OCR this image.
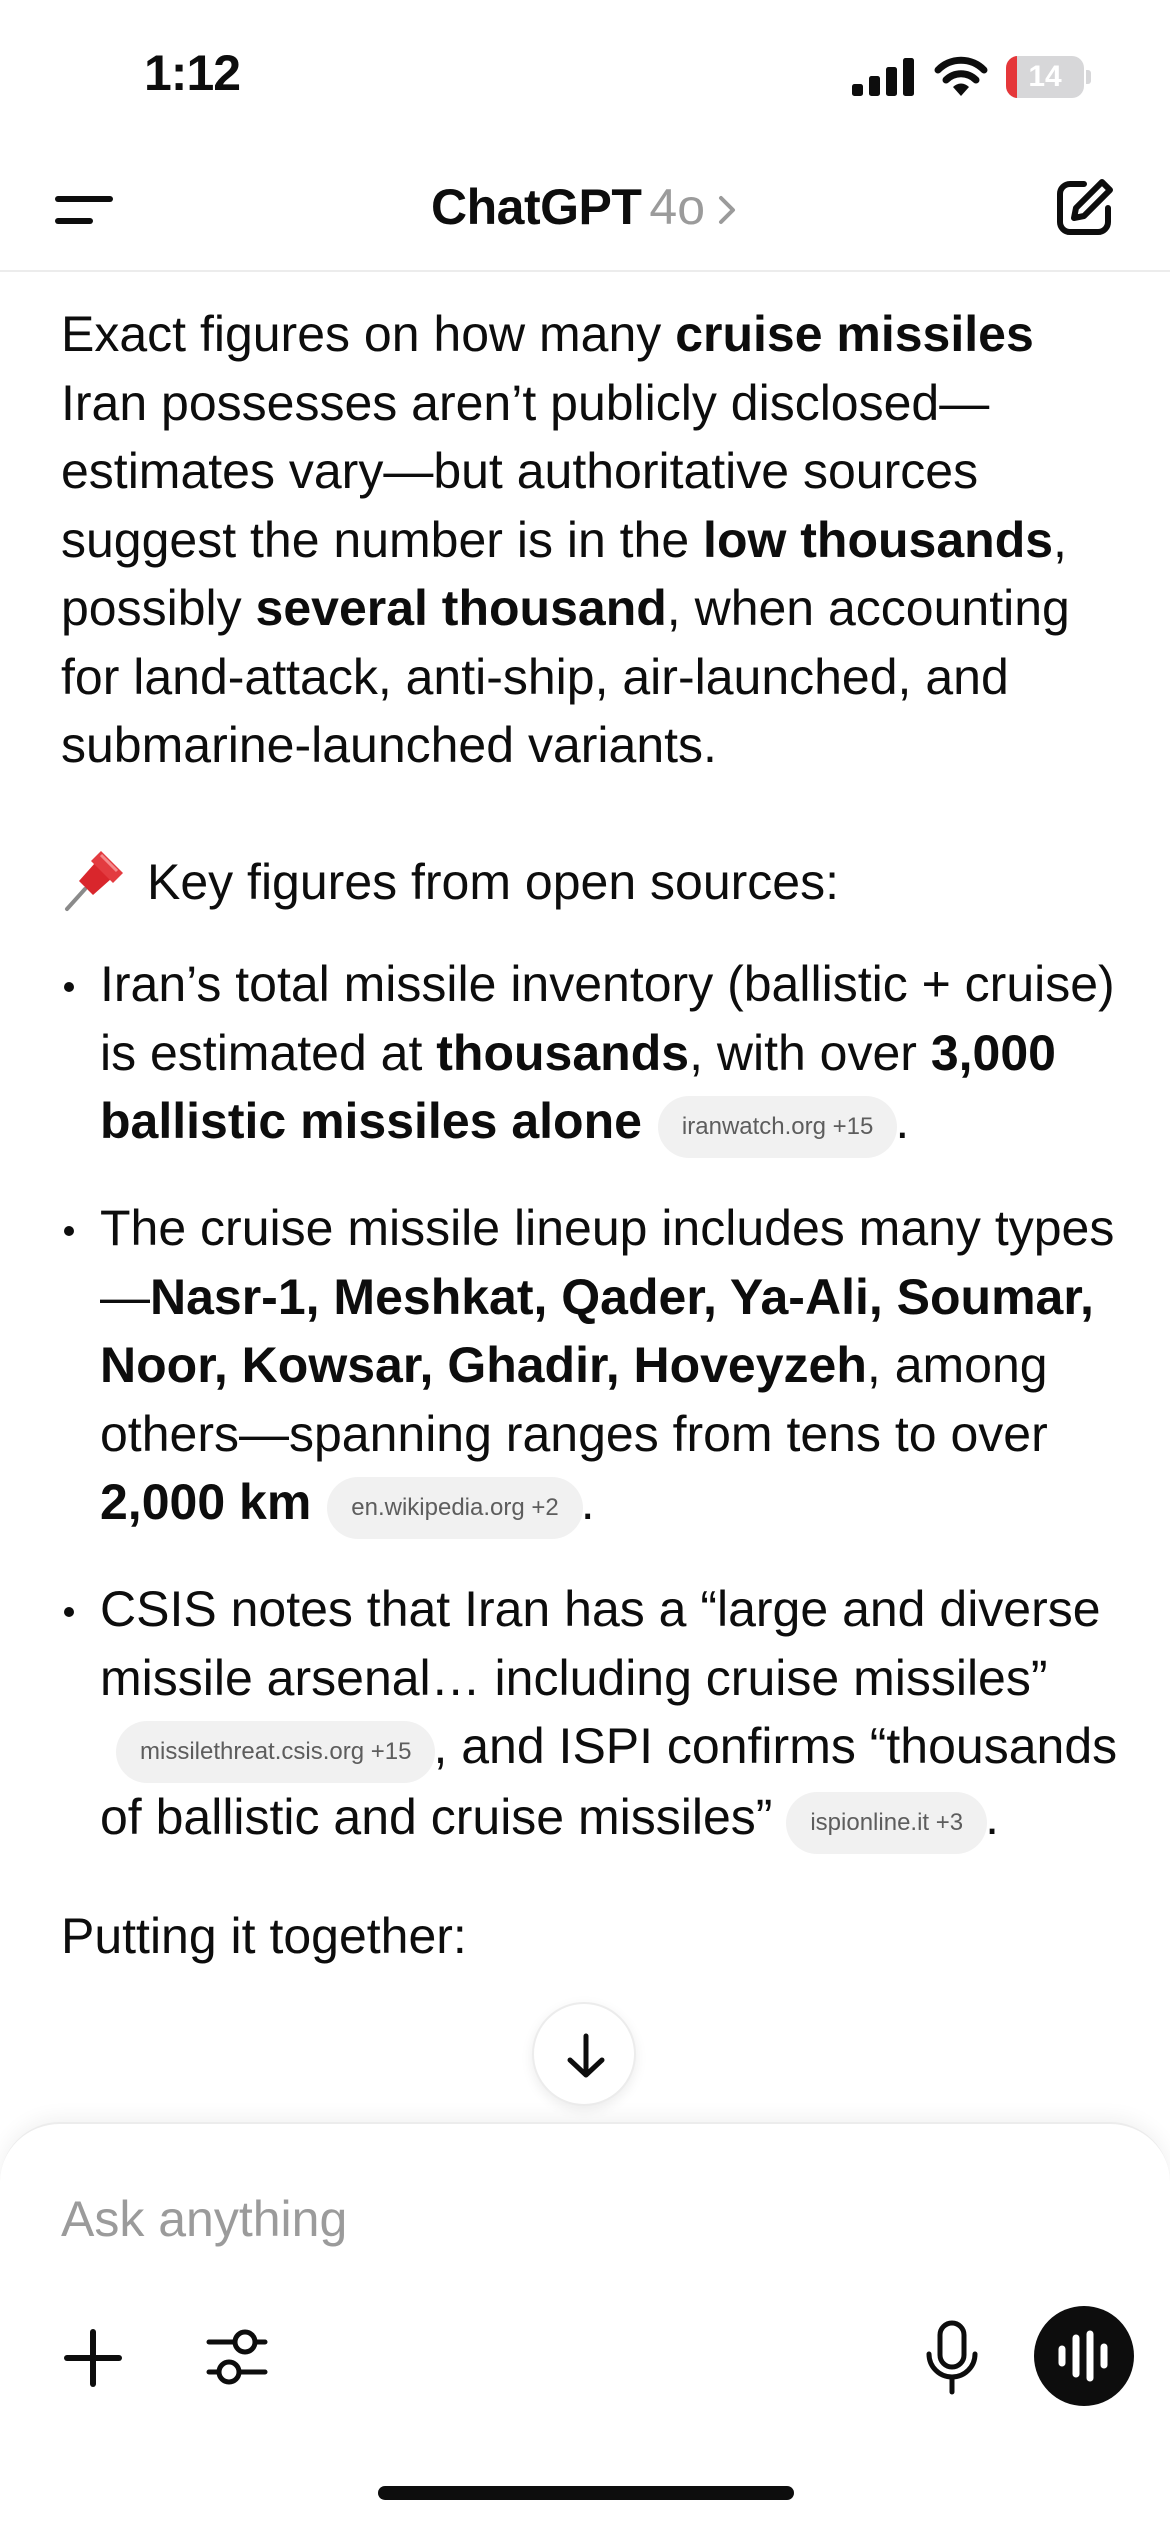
1:12	14
ChatGPT 4o

Exact figures on how many cruise missiles Iran possesses aren’t publicly disclosed—estimates vary—but authoritative sources suggest the number is in the low thousands, possibly several thousand, when accounting for land-attack, anti-ship, air-launched, and submarine-launched variants.

Key figures from open sources:
Iran’s total missile inventory (ballistic + cruise) is estimated at thousands, with over 3,000 ballistic missiles alone iranwatch.org +15 .
The cruise missile lineup includes many types—Nasr-1, Meshkat, Qader, Ya-Ali, Soumar, Noor, Kowsar, Ghadir, Hoveyzeh, among others—spanning ranges from tens to over 2,000 km en.wikipedia.org +2 .
CSIS notes that Iran has a “large and diverse missile arsenal… including cruise missiles”missilethreat.csis.org +15 , and ISPI confirms “thousands of ballistic and cruise missiles” ispionline.it +3 .

Putting it together:

Ask anything
